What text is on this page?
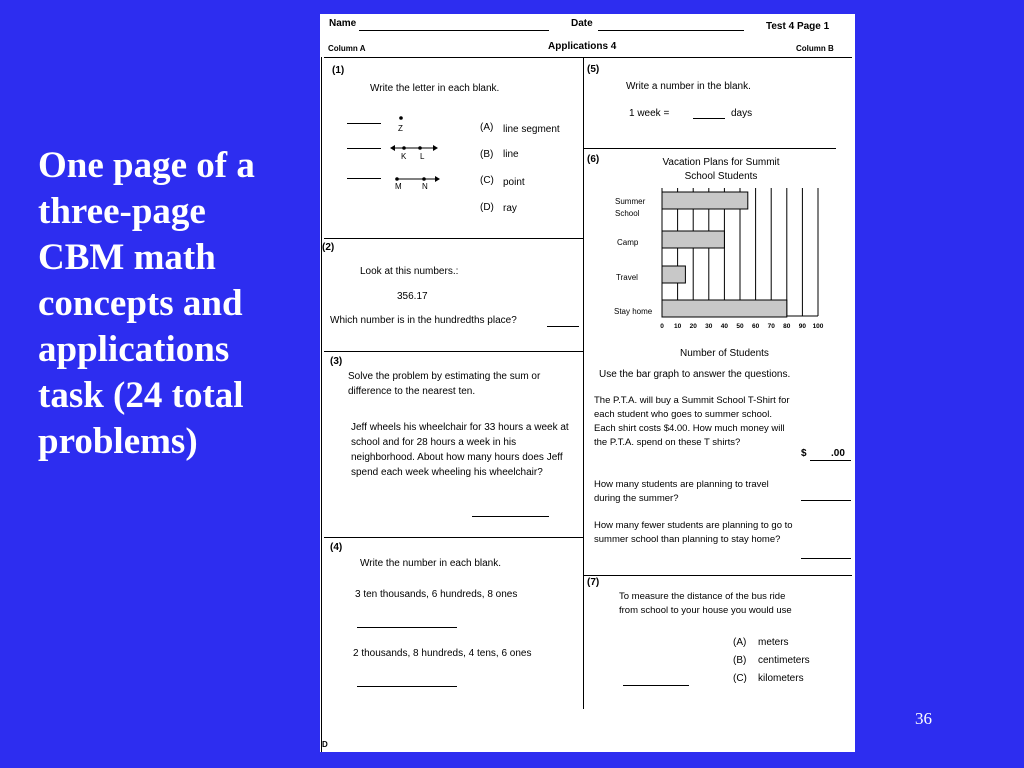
One page of a
three-page
CBM math
concepts and
applications
task (24 total
problems)
36
Name	Date	Test 4 Page 1
Column A	Applications 4	Column B
(1)
Write the letter in each blank.
Z
K L
M	N
(A) line segment
(B) line
(C) point
(D) ray
(2)
Look at this numbers.:
356.17
Which number is in the hundredths place?
(3)
Solve the problem by estimating the sum or difference to the nearest ten.
Jeff wheels his wheelchair for 33 hours a week at school and for 28 hours a week in his neighborhood. About how many hours does Jeff spend each week wheeling his wheelchair?
(4)
Write the number in each blank.
3 ten thousands, 6 hundreds, 8 ones
2 thousands, 8 hundreds, 4 tens, 6 ones
(5)
Write a number in the blank.
1 week =	days
(6)	Vacation Plans for Summit School Students
Summer School
Camp
Travel
Stay home
0 10 20 30 40 50 60 70 80 90 100
Number of Students
Use the bar graph to answer the questions.
The P.T.A. will buy a Summit School T-Shirt for each student who goes to summer school. Each shirt costs $4.00. How much money will the P.T.A. spend on these T shirts?
$ .00
How many students are planning to travel during the summer?
How many fewer students are planning to go to summer school than planning to stay home?
(7)
To measure the distance of the bus ride from school to your house you would use
(A) meters
(B) centimeters
(C) kilometers
D
